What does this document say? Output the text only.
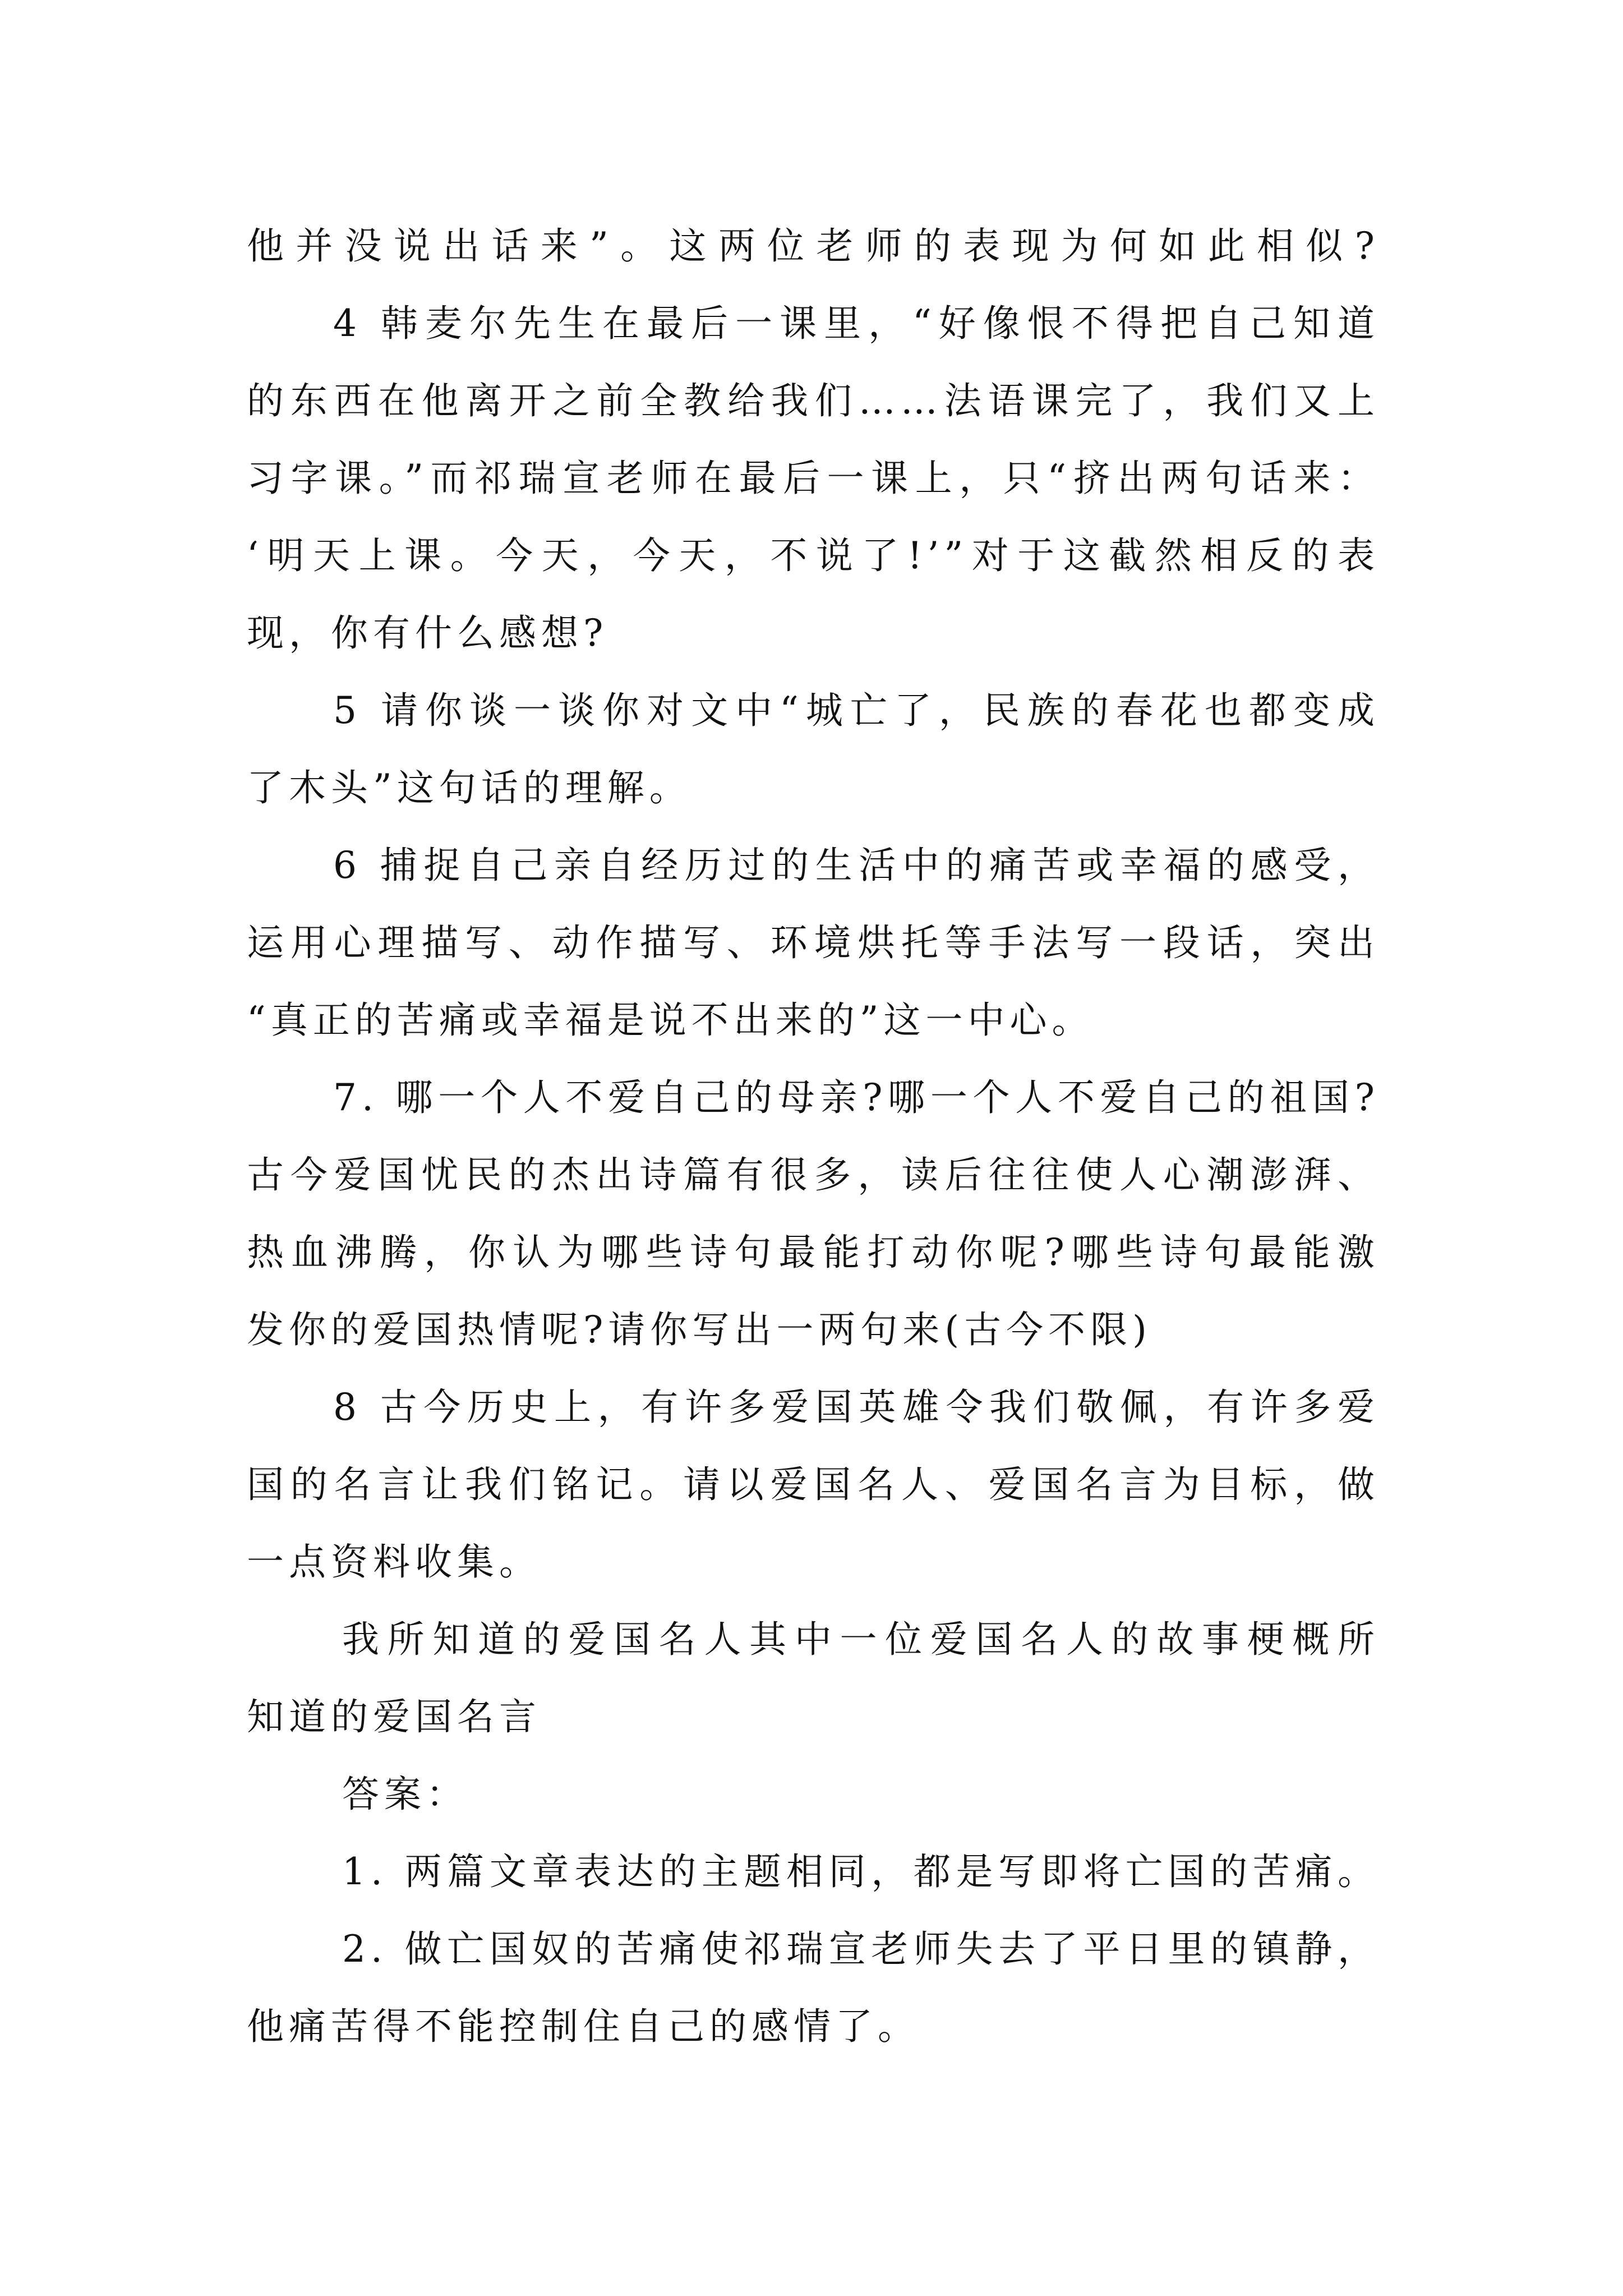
他并没说出话来”。这两位老师的表现为何如此相似?
4 韩麦尔先生在最后一课里，“好像恨不得把自己知道
的东西在他离开之前全教给我们……法语课完了，我们又上
习字课。”而祁瑞宣老师在最后一课上，只“挤出两句话来：
‘明天上课。今天，今天，不说了!’”对于这截然相反的表
现，你有什么感想?
5 请你谈一谈你对文中“城亡了，民族的春花也都变成
了木头”这句话的理解。
6 捕捉自己亲自经历过的生活中的痛苦或幸福的感受，
运用心理描写、动作描写、环境烘托等手法写一段话，突出
“真正的苦痛或幸福是说不出来的”这一中心。
7. 哪一个人不爱自己的母亲?哪一个人不爱自己的祖国?
古今爱国忧民的杰出诗篇有很多，读后往往使人心潮澎湃、
热血沸腾，你认为哪些诗句最能打动你呢?哪些诗句最能激
发你的爱国热情呢?请你写出一两句来(古今不限)
8 古今历史上，有许多爱国英雄令我们敬佩，有许多爱
国的名言让我们铭记。请以爱国名人、爱国名言为目标，做
一点资料收集。
我所知道的爱国名人其中一位爱国名人的故事梗概所
知道的爱国名言
答案：
1. 两篇文章表达的主题相同，都是写即将亡国的苦痛。
2. 做亡国奴的苦痛使祁瑞宣老师失去了平日里的镇静，
他痛苦得不能控制住自己的感情了。
